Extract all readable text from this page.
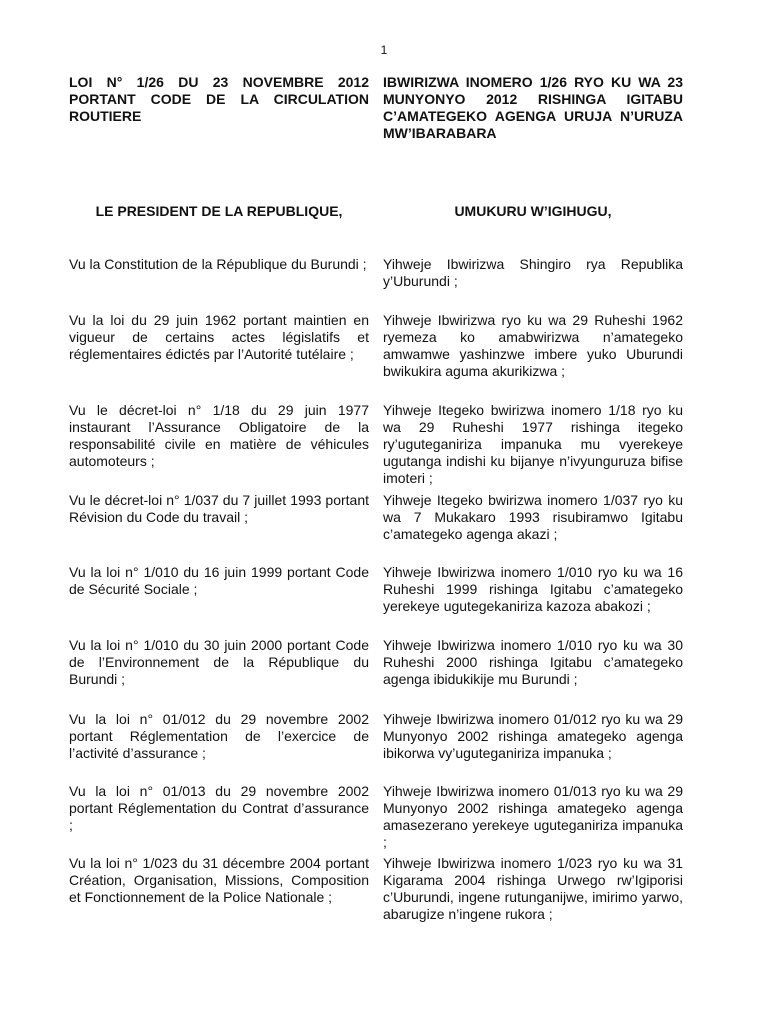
1
LOI N° 1/26 DU 23 NOVEMBRE 2012 PORTANT CODE DE LA CIRCULATION ROUTIERE
IBWIRIZWA INOMERO 1/26 RYO KU WA 23 MUNYONYO 2012 RISHINGA IGITABU C’AMATEGEKO AGENGA URUJA N’URUZA MW’IBARABARA
LE PRESIDENT DE LA REPUBLIQUE,	UMUKURU W’IGIHUGU,

Vu la Constitution de la République du Burundi ; Yihweje Ibwirizwa Shingiro rya Republika y’Uburundi ;

Vu la loi du 29 juin 1962 portant maintien en vigueur de certains actes législatifs et réglementaires édictés par l’Autorité tutélaire ;

Yihweje Ibwirizwa ryo ku wa 29 Ruheshi 1962 ryemeza ko amabwirizwa n’amategeko amwamwe yashinzwe imbere yuko Uburundi bwikukira aguma akurikizwa ;

Vu le décret-loi n° 1/18 du 29 juin 1977 instaurant l’Assurance Obligatoire de la responsabilité civile en matière de véhicules automoteurs ;

Yihweje Itegeko bwirizwa inomero 1/18 ryo ku wa 29 Ruheshi 1977 rishinga itegeko ry’uguteganiriza impanuka mu vyerekeye ugutanga indishi ku bijanye n’ivyunguruza bifise imoteri ;

Vu le décret-loi n° 1/037 du 7 juillet 1993 portant Révision du Code du travail ;

Yihweje Itegeko bwirizwa inomero 1/037 ryo ku wa 7 Mukakaro 1993 risubiramwo Igitabu c’amategeko agenga akazi ;

Vu la loi n° 1/010 du 16 juin 1999 portant Code de Sécurité Sociale ;

Yihweje Ibwirizwa inomero 1/010 ryo ku wa 16 Ruheshi 1999 rishinga Igitabu c’amategeko yerekeye ugutegekaniriza kazoza abakozi ;

Vu la loi n° 1/010 du 30 juin 2000 portant Code de l’Environnement de la République du Burundi ;

Yihweje Ibwirizwa inomero 1/010 ryo ku wa 30 Ruheshi 2000 rishinga Igitabu c’amategeko agenga ibidukikije mu Burundi ;

Vu la loi n° 01/012 du 29 novembre 2002 portant Réglementation de l’exercice de l’activité d’assurance ;

Yihweje Ibwirizwa inomero 01/012 ryo ku wa 29 Munyonyo 2002 rishinga amategeko agenga ibikorwa vy’uguteganiriza impanuka ;

Vu la loi n° 01/013 du 29 novembre 2002 portant Réglementation du Contrat d’assurance ;

Yihweje Ibwirizwa inomero 01/013 ryo ku wa 29 Munyonyo 2002 rishinga amategeko agenga amasezerano yerekeye uguteganiriza impanuka ;

Vu la loi n° 1/023 du 31 décembre 2004 portant Création, Organisation, Missions, Composition et Fonctionnement de la Police Nationale ;

Yihweje Ibwirizwa inomero 1/023 ryo ku wa 31 Kigarama 2004 rishinga Urwego rw’Igiporisi c’Uburundi, ingene rutunganijwe, imirimo yarwo, abarugize n’ingene rukora ;
